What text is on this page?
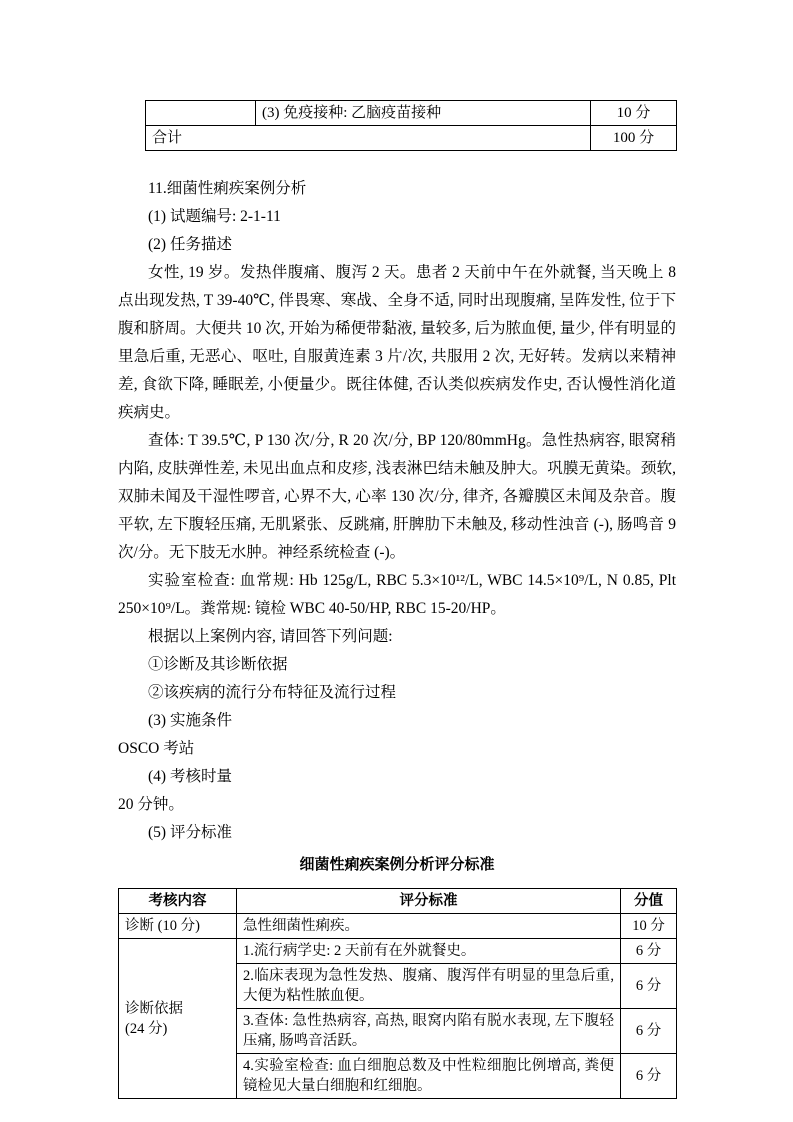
	(3) 免疫接种: 乙脑疫苗接种	10 分
合计		100 分

11.细菌性痢疾案例分析

(1) 试题编号: 2-1-11

(2) 任务描述

女性, 19 岁。发热伴腹痛、腹泻 2 天。患者 2 天前中午在外就餐, 当天晚上 8 点出现发热, T 39-40℃, 伴畏寒、寒战、全身不适, 同时出现腹痛, 呈阵发性, 位于下腹和脐周。大便共 10 次, 开始为稀便带黏液, 量较多, 后为脓血便, 量少, 伴有明显的里急后重, 无恶心、呕吐, 自服黄连素 3 片/次, 共服用 2 次, 无好转。发病以来精神差, 食欲下降, 睡眠差, 小便量少。既往体健, 否认类似疾病发作史, 否认慢性消化道疾病史。

查体: T 39.5℃, P 130 次/分, R 20 次/分, BP 120/80mmHg。急性热病容, 眼窝稍内陷, 皮肤弹性差, 未见出血点和皮疹, 浅表淋巴结未触及肿大。巩膜无黄染。颈软, 双肺未闻及干湿性啰音, 心界不大, 心率 130 次/分, 律齐, 各瓣膜区未闻及杂音。腹平软, 左下腹轻压痛, 无肌紧张、反跳痛, 肝脾肋下未触及, 移动性浊音 (-), 肠鸣音 9 次/分。无下肢无水肿。神经系统检查 (-)。

实验室检查: 血常规: Hb 125g/L, RBC 5.3×10¹²/L, WBC 14.5×10⁹/L, N 0.85, Plt 250×10⁹/L。粪常规: 镜检 WBC 40-50/HP, RBC 15-20/HP。

根据以上案例内容, 请回答下列问题:

①诊断及其诊断依据

②该疾病的流行分布特征及流行过程

(3) 实施条件

OSCO 考站

(4) 考核时量

20 分钟。

(5) 评分标准

细菌性痢疾案例分析评分标准
考核内容	评分标准	分值
诊断 (10 分)	急性细菌性痢疾。	10 分

诊断依据
(24 分)	1.流行病学史: 2 天前有在外就餐史。	6 分
	2.临床表现为急性发热、腹痛、腹泻伴有明显的里急后重, 大便为粘性脓血便。	6 分
	3.查体: 急性热病容, 高热, 眼窝内陷有脱水表现, 左下腹轻压痛, 肠鸣音活跃。	6 分
	4.实验室检查: 血白细胞总数及中性粒细胞比例增高, 粪便镜检见大量白细胞和红细胞。	6 分
